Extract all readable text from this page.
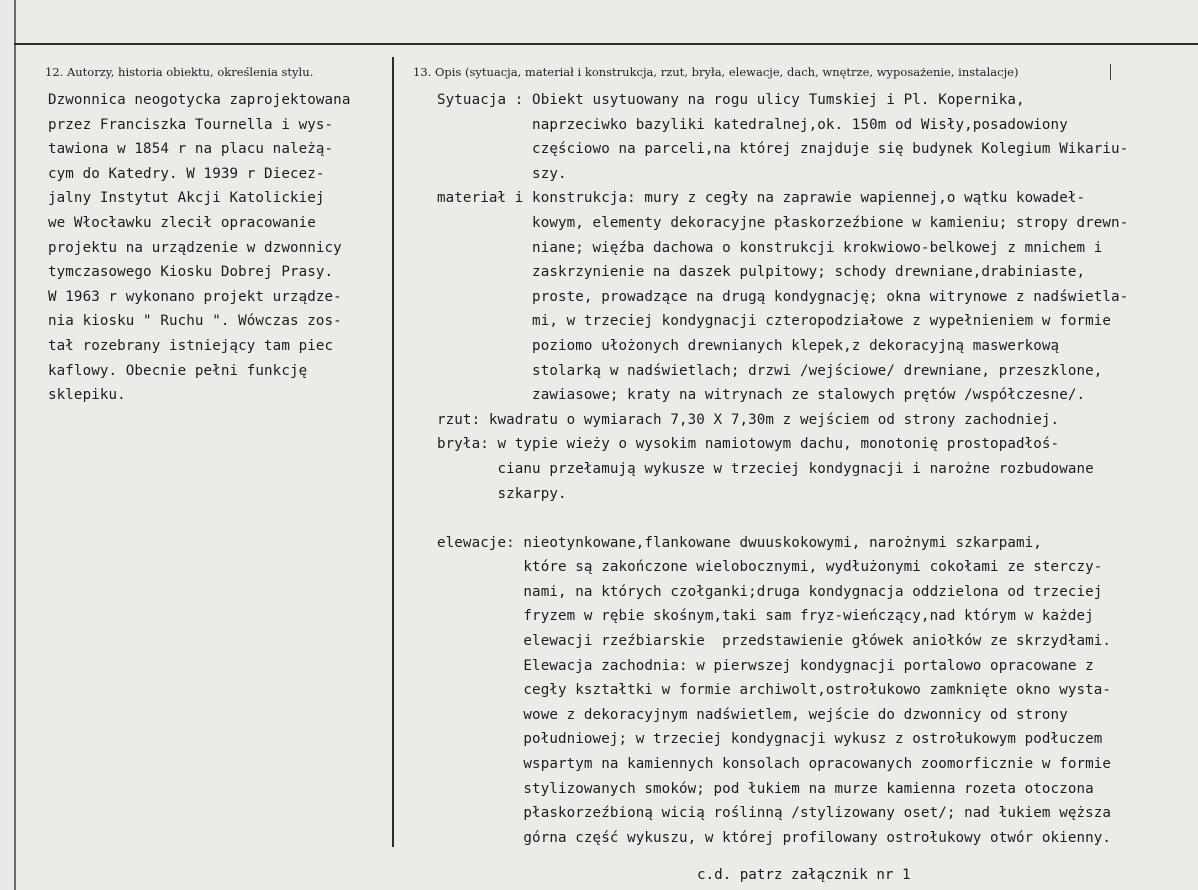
12. Autorzy, historia obiektu, określenia stylu.	13. Opis (sytuacja, materiał i konstrukcja, rzut, bryła, elewacje, dach, wnętrze, wyposażenie, instalacje)
Dzwonnica neogotycka zaprojektowana
przez Franciszka Tournella i wys-
tawiona w 1854 r na placu należą-
cym do Katedry. W 1939 r Diecez-
jalny Instytut Akcji Katolickiej
we Włocławku zlecił opracowanie
projektu na urządzenie w dzwonnicy
tymczasowego Kiosku Dobrej Prasy.
W 1963 r wykonano projekt urządze-
nia kiosku " Ruchu ". Wówczas zos-
tał rozebrany istniejący tam piec
kaflowy. Obecnie pełni funkcję
sklepiku.
Sytuacja : Obiekt usytuowany na rogu ulicy Tumskiej i Pl. Kopernika,
naprzeciwko bazyliki katedralnej,ok. 150m od Wisły,posadowiony
częściowo na parceli,na której znajduje się budynek Kolegium Wikariu-
szy.
materiał i konstrukcja: mury z cegły na zaprawie wapiennej,o wątku kowadeł-
kowym, elementy dekoracyjne płaskorzeźbione w kamieniu; stropy drewn-
niane; więźba dachowa o konstrukcji krokwiowo-belkowej z mnichem i
zaskrzynienie na daszek pulpitowy; schody drewniane,drabiniaste,
proste, prowadzące na drugą kondygnację; okna witrynowe z nadświetla-
mi, w trzeciej kondygnacji czteropodziałowe z wypełnieniem w formie
poziomo ułożonych drewnianych klepek,z dekoracyjną maswerkową
stolarką w nadświetlach; drzwi /wejściowe/ drewniane, przeszklone,
zawiasowe; kraty na witrynach ze stalowych prętów /współczesne/.
rzut: kwadratu o wymiarach 7,30 X 7,30m z wejściem od strony zachodniej.
bryła: w typie wieży o wysokim namiotowym dachu, monotonię prostopadłoś-
cianu przełamują wykusze w trzeciej kondygnacji i narożne rozbudowane
szkarpy.

elewacje: nieotynkowane,flankowane dwuuskokowymi, narożnymi szkarpami,
które są zakończone wielobocznymi, wydłużonymi cokołami ze sterczy-
nami, na których czołganki;druga kondygnacja oddzielona od trzeciej
fryzem w rębie skośnym,taki sam fryz-wieńczący,nad którym w każdej
elewacji rzeźbiarskie  przedstawienie główek aniołków ze skrzydłami.
Elewacja zachodnia: w pierwszej kondygnacji portalowo opracowane z
cegły kształtki w formie archiwolt,ostrołukowo zamknięte okno wysta-
wowe z dekoracyjnym nadświetlem, wejście do dzwonnicy od strony
południowej; w trzeciej kondygnacji wykusz z ostrołukowym podłuczem
wspartym na kamiennych konsolach opracowanych zoomorficznie w formie
stylizowanych smoków; pod łukiem na murze kamienna rozeta otoczona
płaskorzeźbioną wicią roślinną /stylizowany oset/; nad łukiem węższa
górna część wykuszu, w której profilowany ostrołukowy otwór okienny.
c.d. patrz załącznik nr 1
